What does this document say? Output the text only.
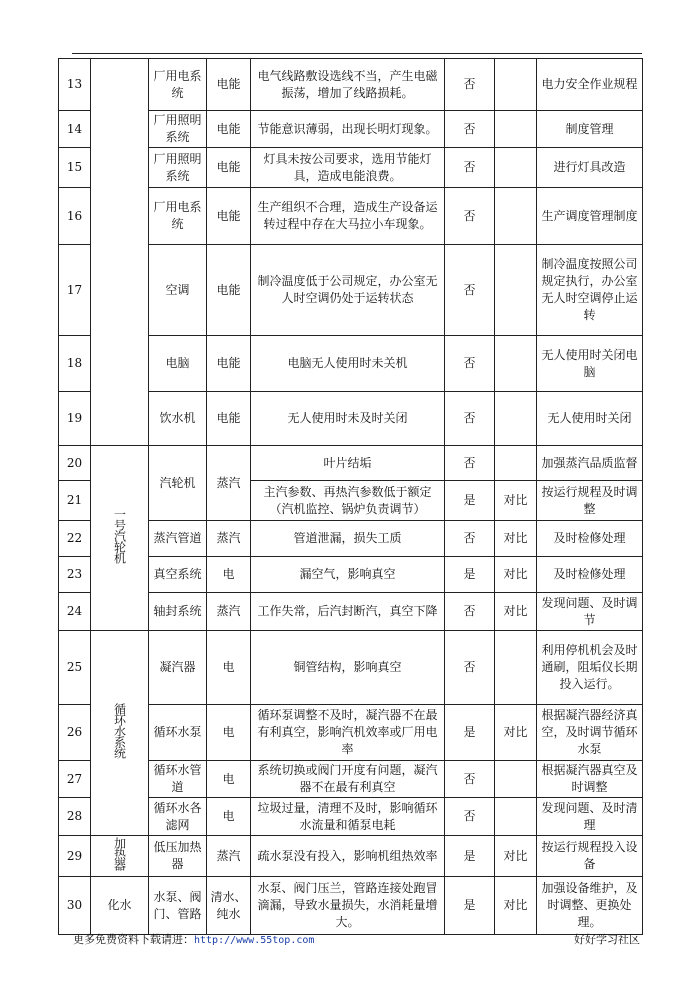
13		厂用电系统	电能	电气线路敷设选线不当，产生电磁振荡，增加了线路损耗。	否		电力安全作业规程
14		厂用照明系统	电能	节能意识薄弱，出现长明灯现象。	否		制度管理
15		厂用照明系统	电能	灯具未按公司要求，选用节能灯具，造成电能浪费。	否		进行灯具改造
16		厂用电系统	电能	生产组织不合理，造成生产设备运转过程中存在大马拉小车现象。	否		生产调度管理制度
17		空调	电能	制冷温度低于公司规定，办公室无人时空调仍处于运转状态	否		制冷温度按照公司规定执行，办公室无人时空调停止运转
18		电脑	电能	电脑无人使用时未关机	否		无人使用时关闭电脑
19		饮水机	电能	无人使用时未及时关闭	否		无人使用时关闭
20	一号汽轮机	汽轮机	蒸汽	叶片结垢	否		加强蒸汽品质监督
21				主汽参数、再热汽参数低于额定（汽机监控、锅炉负责调节）	是	对比	按运行规程及时调整
22		蒸汽管道	蒸汽	管道泄漏，损失工质	否	对比	及时检修处理
23		真空系统	电	漏空气，影响真空	是	对比	及时检修处理
24		轴封系统	蒸汽	工作失常，后汽封断汽，真空下降	否	对比	发现问题、及时调节
25	循环水系统	凝汽器	电	铜管结构，影响真空	否		利用停机机会及时通刷，阻垢仪长期投入运行。
26		循环水泵	电	循环泵调整不及时，凝汽器不在最有利真空，影响汽机效率或厂用电率	是	对比	根据凝汽器经济真空，及时调节循环水泵
27		循环水管道	电	系统切换或阀门开度有问题，凝汽器不在最有利真空	否		根据凝汽器真空及时调整
28		循环水各滤网	电	垃圾过量，清理不及时，影响循环水流量和循泵电耗	否		发现问题、及时清理
29	加热器	低压加热器	蒸汽	疏水泵没有投入，影响机组热效率	是	对比	按运行规程投入设备
30	化水	水泵、阀门、管路	清水、纯水	水泵、阀门压兰，管路连接处跑冒滴漏，导致水量损失，水消耗量增大。	是	对比	加强设备维护，及时调整、更换处理。
更多免费资料下载请进：http://www.55top.com	好好学习社区
